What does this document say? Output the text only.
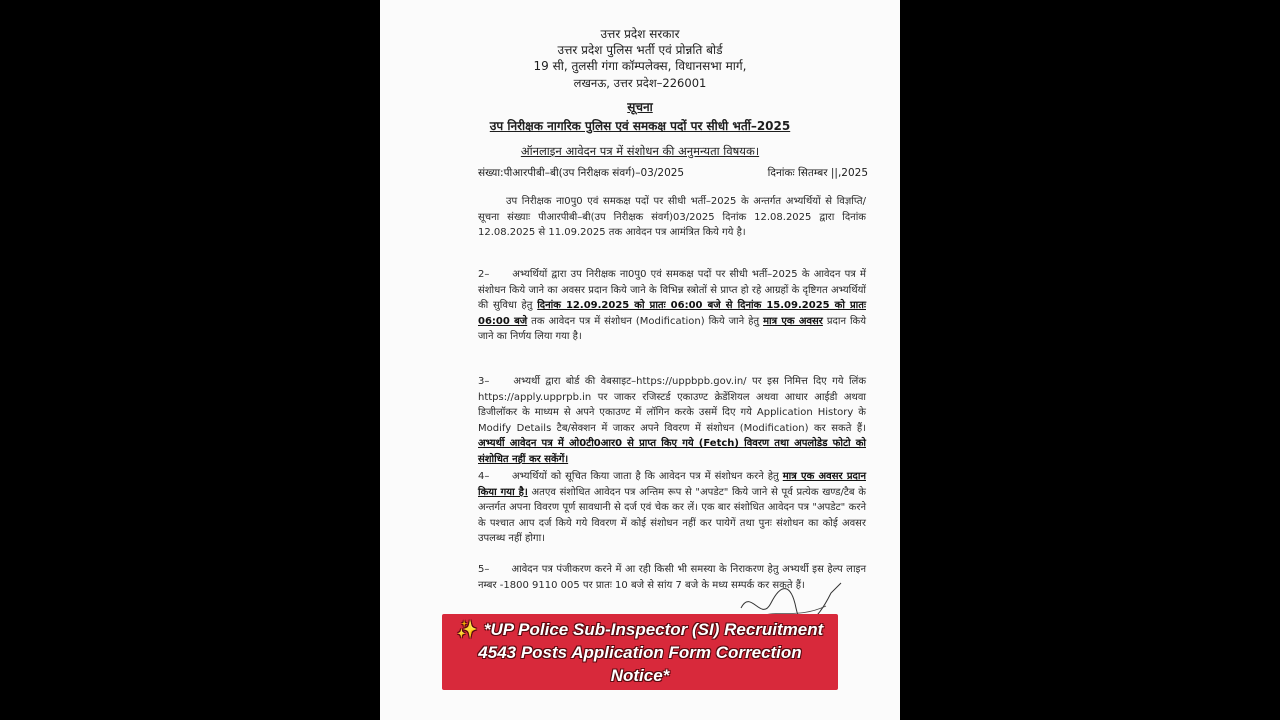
उत्तर प्रदेश सरकार
उत्तर प्रदेश पुलिस भर्ती एवं प्रोन्नति बोर्ड
19 सी, तुलसी गंगा कॉम्पलेक्स, विधानसभा मार्ग,
लखनऊ, उत्तर प्रदेश–226001
सूचना
उप निरीक्षक नागरिक पुलिस एवं समकक्ष पदों पर सीधी भर्ती–2025
ऑनलाइन आवेदन पत्र में संशोधन की अनुमन्यता विषयक।
संख्या:पीआरपीबी–बी(उप निरीक्षक संवर्ग)–03/2025	दिनांकः सितम्बर ||,2025
उप निरीक्षक ना0पु0 एवं समकक्ष पदों पर सीधी भर्ती–2025 के अन्तर्गत अभ्यर्थियों से विज्ञप्ति/सूचना संख्याः पीआरपीबी–बी(उप निरीक्षक संवर्ग)03/2025 दिनांक 12.08.2025 द्वारा दिनांक 12.08.2025 से 11.09.2025 तक आवेदन पत्र आमंत्रित किये गये है।
2– अभ्यर्थियों द्वारा उप निरीक्षक ना0पु0 एवं समकक्ष पदों पर सीधी भर्ती–2025 के आवेदन पत्र में संशोधन किये जाने का अवसर प्रदान किये जाने के विभिन्न स्त्रोतों से प्राप्त हो रहे आग्रहों के दृष्टिगत अभ्यर्थियों की सुविधा हेतु दिनांक 12.09.2025 को प्रातः 06:00 बजे से दिनांक 15.09.2025 को प्रातः 06:00 बजे तक आवेदन पत्र में संशोधन (Modification) किये जाने हेतु मात्र एक अवसर प्रदान किये जाने का निर्णय लिया गया है।
3– अभ्यर्थी द्वारा बोर्ड की वेबसाइट–https://uppbpb.gov.in/ पर इस निमित्त दिए गये लिंक https://apply.upprpb.in पर जाकर रजिस्टर्ड एकाउण्ट क्रेडेंशियल अथवा आधार आईडी अथवा डिजीलॉकर के माध्यम से अपने एकाउण्ट में लॉगिन करके उसमें दिए गये Application History के Modify Details टैब/सेक्शन में जाकर अपने विवरण में संशोधन (Modification) कर सकते हैं। अभ्यर्थी आवेदन पत्र में ओ0टी0आर0 से प्राप्त किए गये (Fetch) विवरण तथा अपलोडेड फोटो को संशोधित नहीं कर सकेंगें।
4– अभ्यर्थियों को सूचित किया जाता है कि आवेदन पत्र में संशोधन करने हेतु मात्र एक अवसर प्रदान किया गया है। अतएव संशोधित आवेदन पत्र अन्तिम रूप से "अपडेट" किये जाने से पूर्व प्रत्येक खण्ड/टैब के अन्तर्गत अपना विवरण पूर्ण सावधानी से दर्ज एवं चेक कर लें। एक बार संशोधित आवेदन पत्र "अपडेट" करने के पश्चात आप दर्ज किये गये विवरण में कोई संशोधन नहीं कर पायेगें तथा पुनः संशोधन का कोई अवसर उपलब्ध नहीं होगा।
5– आवेदन पत्र पंजीकरण करने में आ रही किसी भी समस्या के निराकरण हेतु अभ्यर्थी इस हेल्प लाइन नम्बर -1800 9110 005 पर प्रातः 10 बजे से सांय 7 बजे के मध्य सम्पर्क कर सकते हैं।
✨ *UP Police Sub-Inspector (SI) Recruitment 4543 Posts Application Form Correction Notice*
